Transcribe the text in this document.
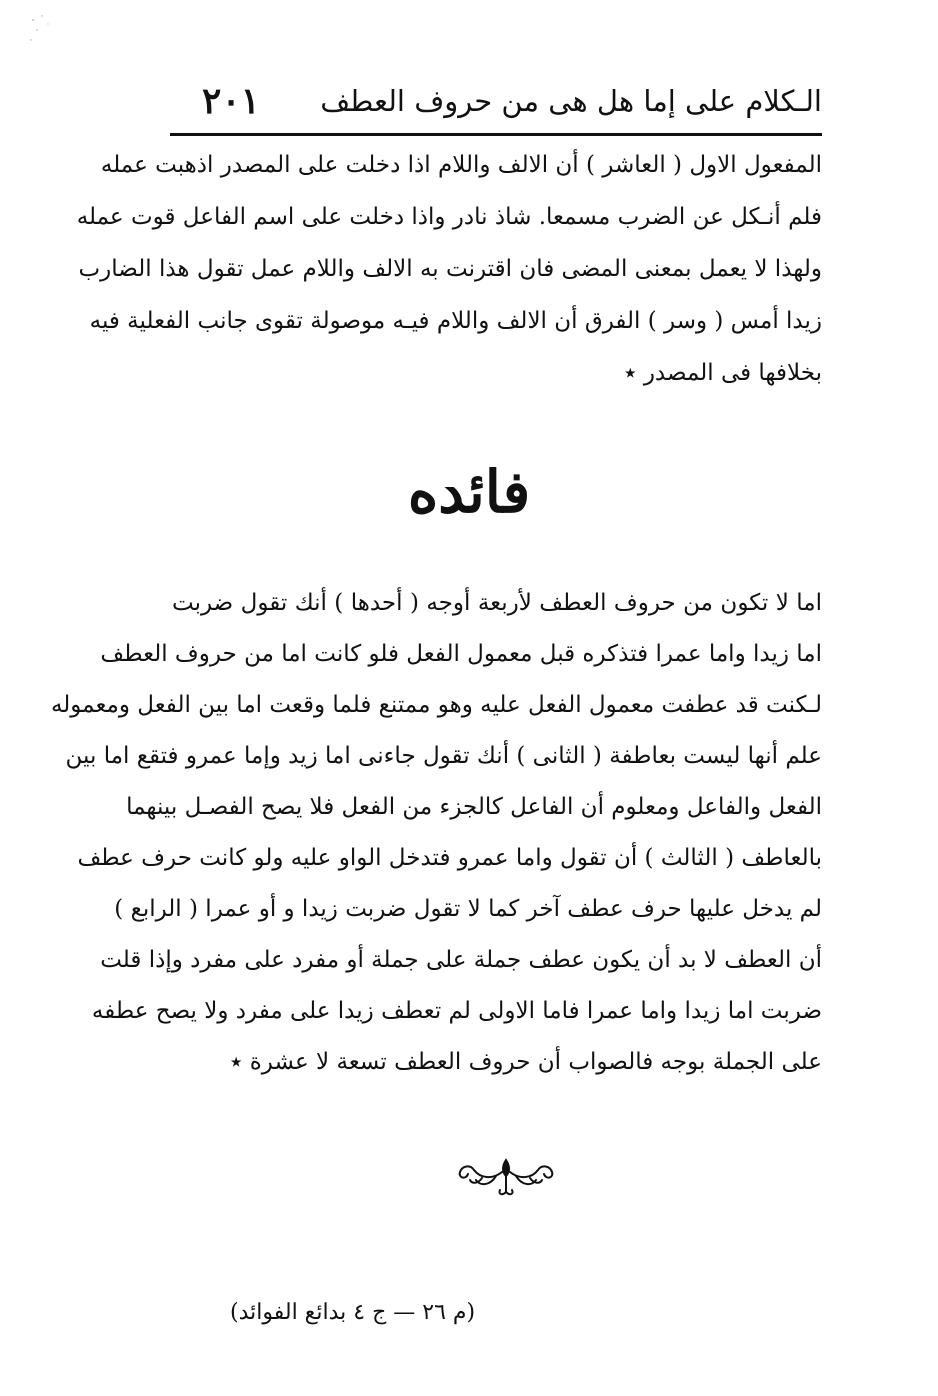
الـكلام على إما هل هى من حروف العطف
٢٠١
المفعول الاول ( العاشر ) أن الالف واللام اذا دخلت على المصدر اذهبت عمله
فلم أنـكل عن الضرب مسمعا. شاذ نادر واذا دخلت على اسم الفاعل قوت عمله
ولهذا لا يعمل بمعنى المضى فان اقترنت به الالف واللام عمل تقول هذا الضارب
زيدا أمس ( وسر ) الفرق أن الالف واللام فيـه موصولة تقوى جانب الفعلية فيه
بخلافها فى المصدر ٭
فائده
اما لا تكون من حروف العطف لأربعة أوجه ( أحدها ) أنك تقول ضربت
اما زيدا واما عمرا فتذكره قبل معمول الفعل فلو كانت اما من حروف العطف
لـكنت قد عطفت معمول الفعل عليه وهو ممتنع فلما وقعت اما بين الفعل ومعموله
علم أنها ليست بعاطفة ( الثانى ) أنك تقول جاءنى اما زيد وإما عمرو فتقع اما بين
الفعل والفاعل ومعلوم أن الفاعل كالجزء من الفعل فلا يصح الفصـل بينهما
بالعاطف ( الثالث ) أن تقول واما عمرو فتدخل الواو عليه ولو كانت حرف عطف
لم يدخل عليها حرف عطف آخر كما لا تقول ضربت زيدا و أو عمرا ( الرابع )
أن العطف لا بد أن يكون عطف جملة على جملة أو مفرد على مفرد وإذا قلت
ضربت اما زيدا واما عمرا فاما الاولى لم تعطف زيدا على مفرد ولا يصح عطفه
على الجملة بوجه فالصواب أن حروف العطف تسعة لا عشرة ٭
(م ٢٦ — ج ٤ بدائع الفوائد)
